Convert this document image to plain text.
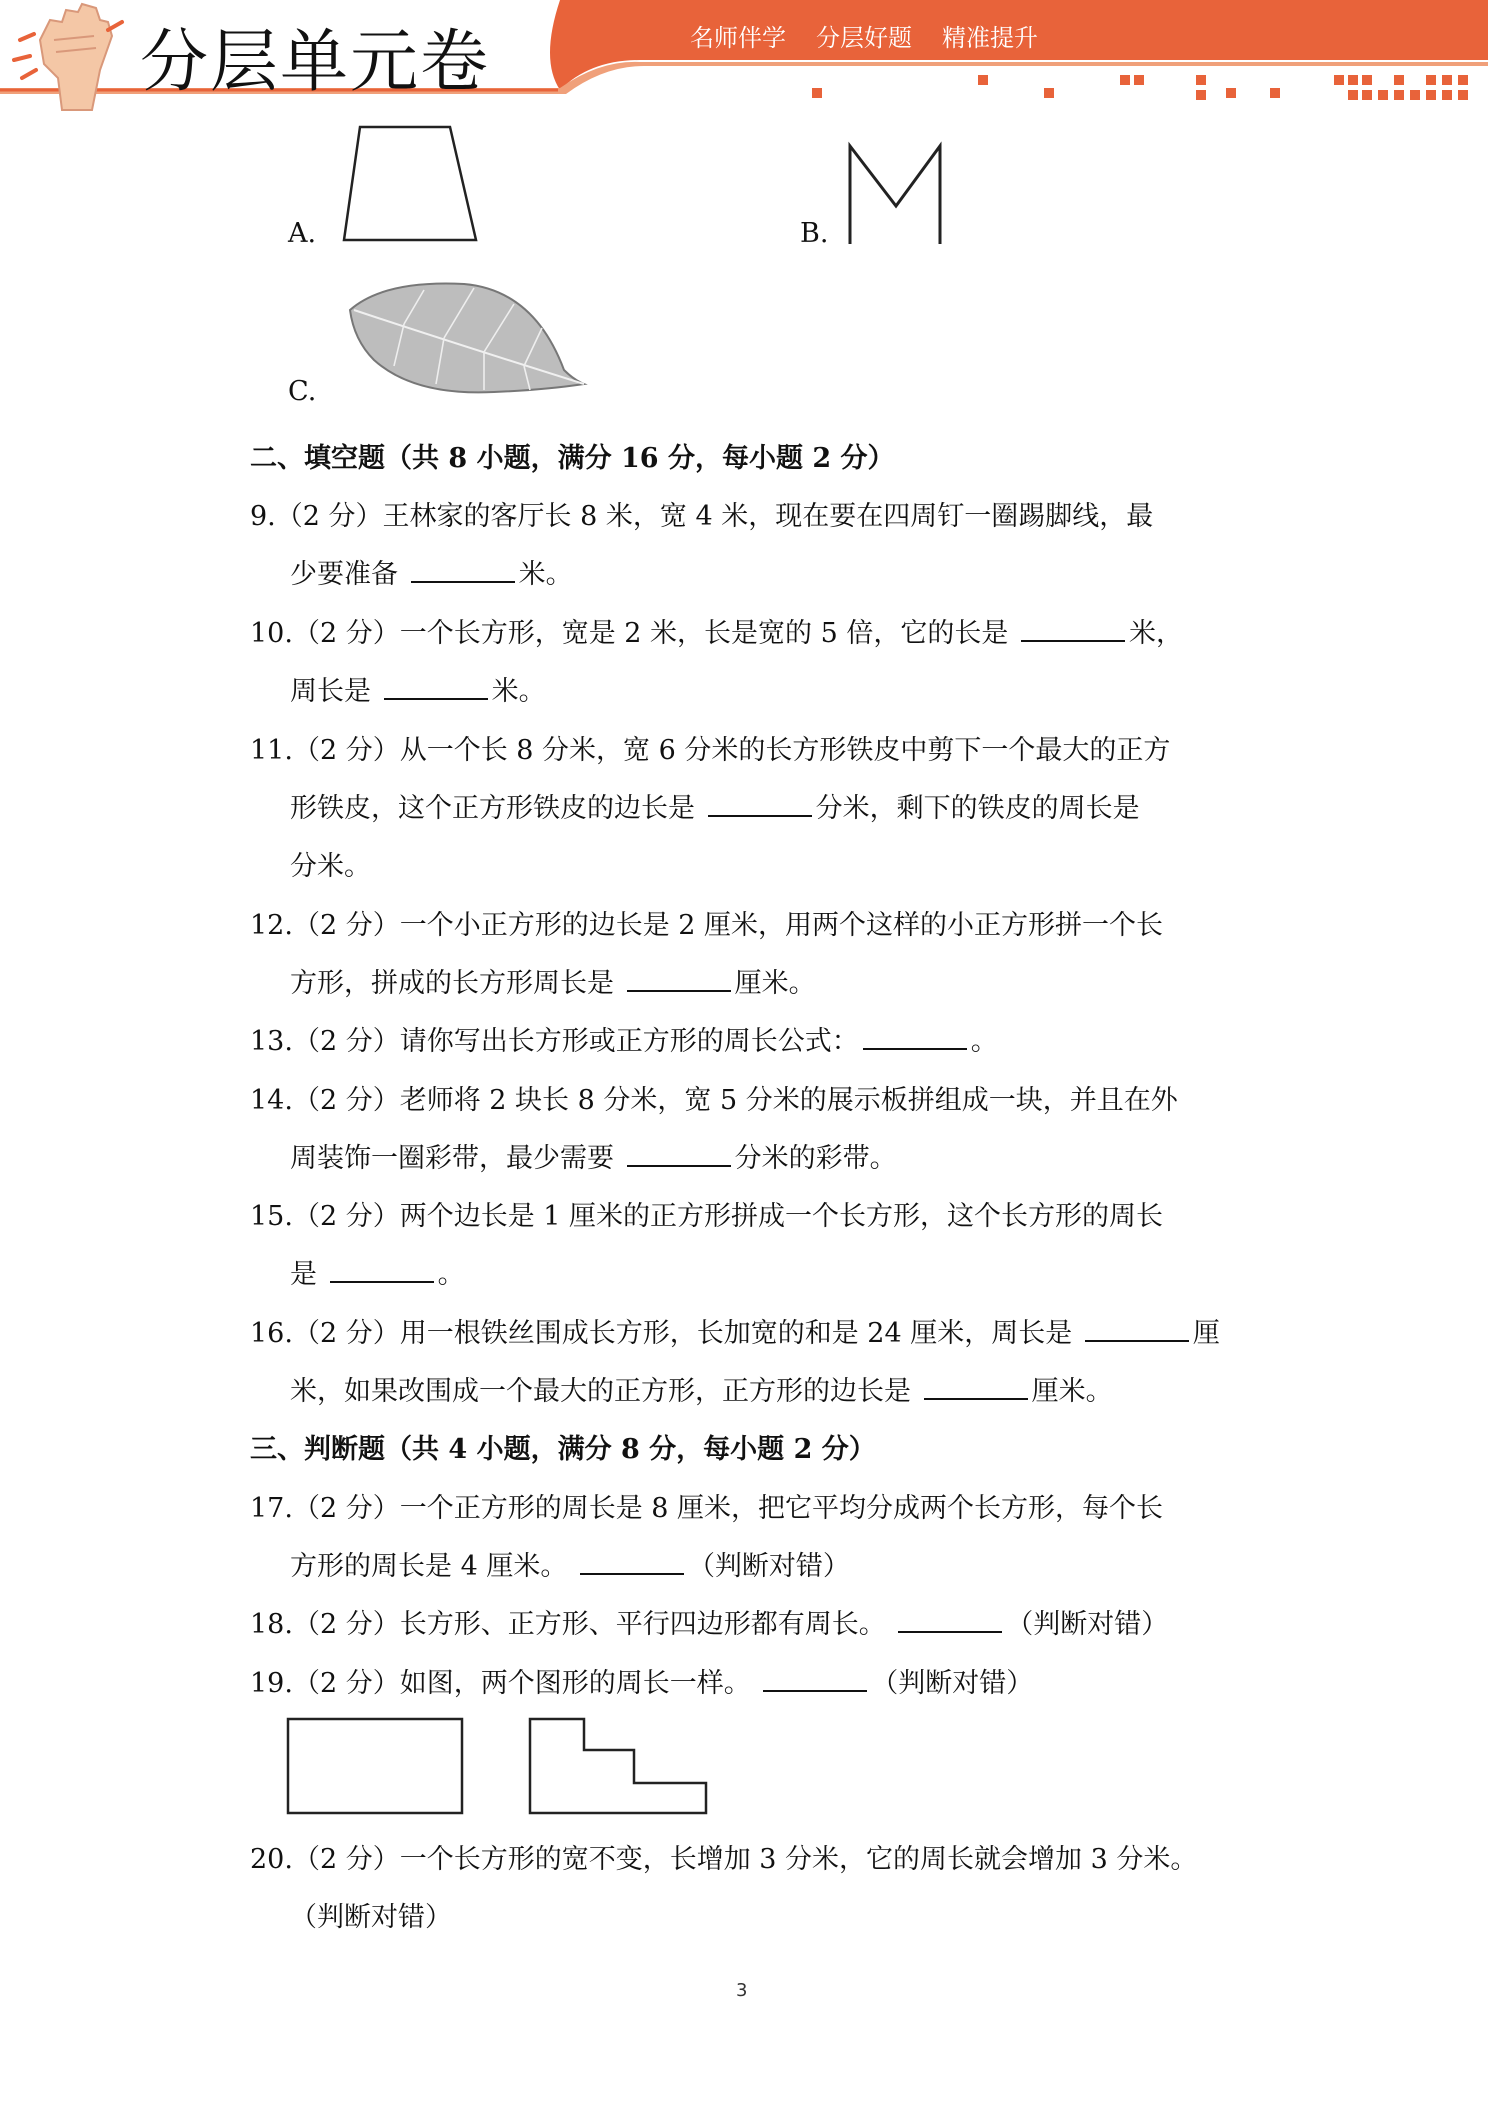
分层单元卷	名师伴学 分层好题 精准提升
A.	B.
C.
二、填空题（共 8 小题，满分 16 分，每小题 2 分）
9.（2 分）王林家的客厅长 8 米，宽 4 米，现在要在四周钉一圈踢脚线，最
少要准备	米。
10.（2 分）一个长方形，宽是 2 米，长是宽的 5 倍，它的长是	米，
周长是	米。
11.（2 分）从一个长 8 分米，宽 6 分米的长方形铁皮中剪下一个最大的正方
形铁皮，这个正方形铁皮的边长是	分米，剩下的铁皮的周长是
分米。
12.（2 分）一个小正方形的边长是 2 厘米，用两个这样的小正方形拼一个长
方形，拼成的长方形周长是	厘米。
13.（2 分）请你写出长方形或正方形的周长公式：	。
14.（2 分）老师将 2 块长 8 分米，宽 5 分米的展示板拼组成一块，并且在外
周装饰一圈彩带，最少需要	分米的彩带。
15.（2 分）两个边长是 1 厘米的正方形拼成一个长方形，这个长方形的周长
是	。
16.（2 分）用一根铁丝围成长方形，长加宽的和是 24 厘米，周长是	厘
米，如果改围成一个最大的正方形，正方形的边长是	厘米。
三、判断题（共 4 小题，满分 8 分，每小题 2 分）
17.（2 分）一个正方形的周长是 8 厘米，把它平均分成两个长方形，每个长
方形的周长是 4 厘米。	（判断对错）
18.（2 分）长方形、正方形、平行四边形都有周长。	（判断对错）
19.（2 分）如图，两个图形的周长一样。	（判断对错）
20.（2 分）一个长方形的宽不变，长增加 3 分米，它的周长就会增加 3 分米。
（判断对错）
3
